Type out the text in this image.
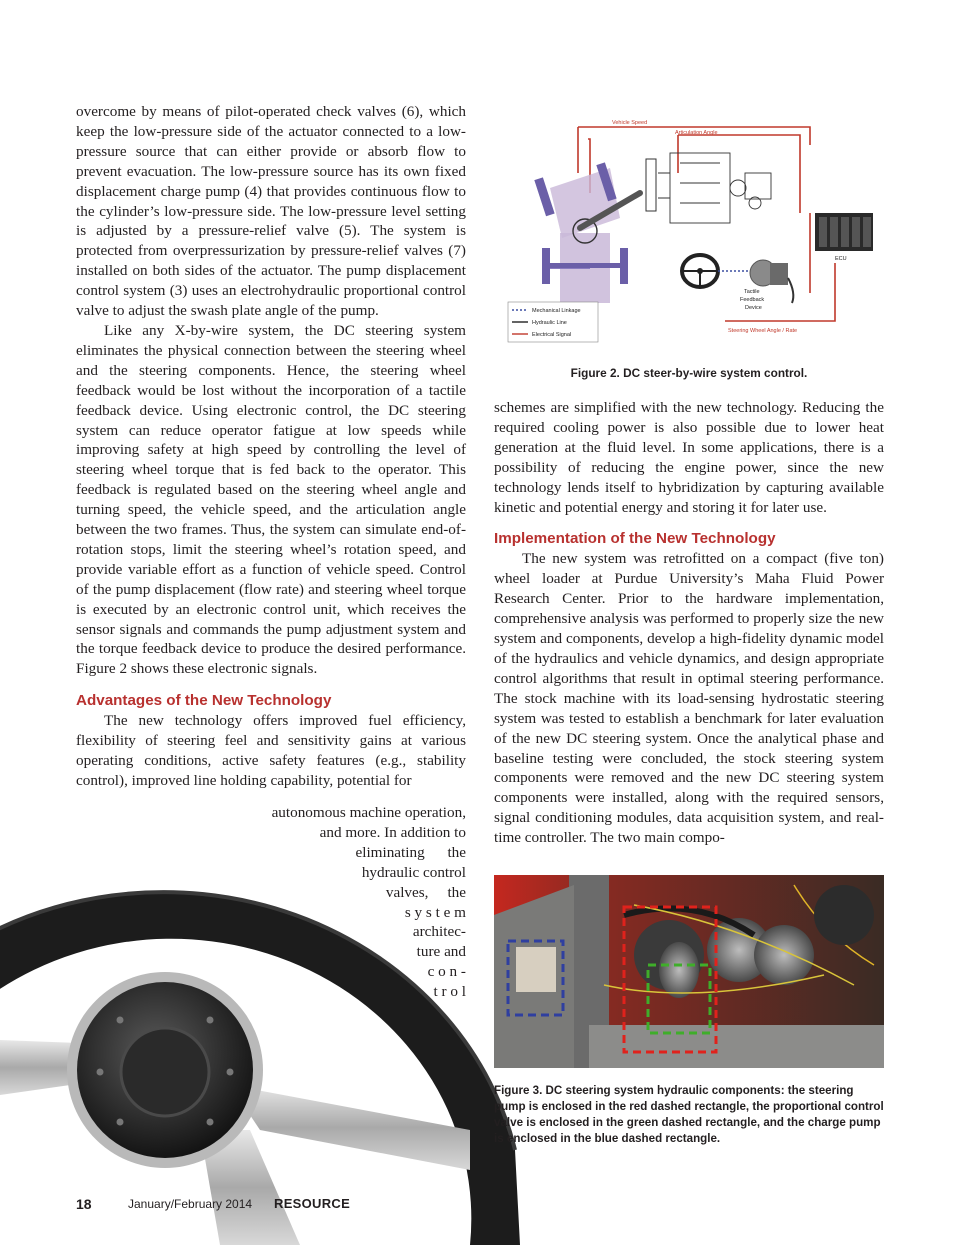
overcome by means of pilot-operated check valves (6), which keep the low-pressure side of the actuator connected to a low-pressure source that can either provide or absorb flow to prevent evacuation. The low-pressure source has its own fixed displacement charge pump (4) that provides continuous flow to the cylinder’s low-pressure side. The low-pressure level setting is adjusted by a pressure-relief valve (5). The system is protected from overpressurization by pressure-relief valves (7) installed on both sides of the actuator. The pump displacement control system (3) uses an electrohydraulic proportional control valve to adjust the swash plate angle of the pump.

Like any X-by-wire system, the DC steering system eliminates the physical connection between the steering wheel and the steering components. Hence, the steering wheel feedback would be lost without the incorporation of a tactile feedback device. Using electronic control, the DC steering system can reduce operator fatigue at low speeds while improving safety at high speed by controlling the level of steering wheel torque that is fed back to the operator. This feedback is regulated based on the steering wheel angle and turning speed, the vehicle speed, and the articulation angle between the two frames. Thus, the system can simulate end-of-rotation stops, limit the steering wheel’s rotation speed, and provide variable effort as a function of vehicle speed. Control of the pump displacement (flow rate) and steering wheel torque is executed by an electronic control unit, which receives the sensor signals and commands the pump adjustment system and the torque feedback device to produce the desired performance. Figure 2 shows these electronic signals.

Advantages of the New Technology

The new technology offers improved fuel efficiency, flexibility of steering feel and sensitivity gains at various operating conditions, active safety features (e.g., stability control), improved line holding capability, potential for

autonomous machine operation,
and more. In addition to
eliminating      the
hydraulic control
valves,     the
s y s t e m
architec-
ture and
c o n -
t r o l
Vehicle Speed
Articulation Angle
Steering Wheel Angle / Rate
ECU
Tactile
Feedback
Device
Mechanical Linkage
Hydraulic Line
Electrical Signal
Figure 2. DC steer-by-wire system control.

schemes are simplified with the new technology. Reducing the required cooling power is also possible due to lower heat generation at the fluid level. In some applications, there is a possibility of reducing the engine power, since the new technology lends itself to hybridization by capturing available kinetic and potential energy and storing it for later use.

Implementation of the New Technology

The new system was retrofitted on a compact (five ton) wheel loader at Purdue University’s Maha Fluid Power Research Center. Prior to the hardware implementation, comprehensive analysis was performed to properly size the new system and components, develop a high-fidelity dynamic model of the hydraulics and vehicle dynamics, and design appropriate control algorithms that result in optimal steering performance. The stock machine with its load-sensing hydrostatic steering system was tested to establish a benchmark for later evaluation of the new DC steering system. Once the analytical phase and baseline testing were concluded, the stock steering system components were removed and the new DC steering system components were installed, along with the required sensors, signal conditioning modules, data acquisition system, and real-time controller. The two main compo-

Figure 3. DC steering system hydraulic components: the steering pump is enclosed in the red dashed rectangle, the proportional control valve is enclosed in the green dashed rectangle, and the charge pump is enclosed in the blue dashed rectangle.
18	January/February 2014 RESOURCE
